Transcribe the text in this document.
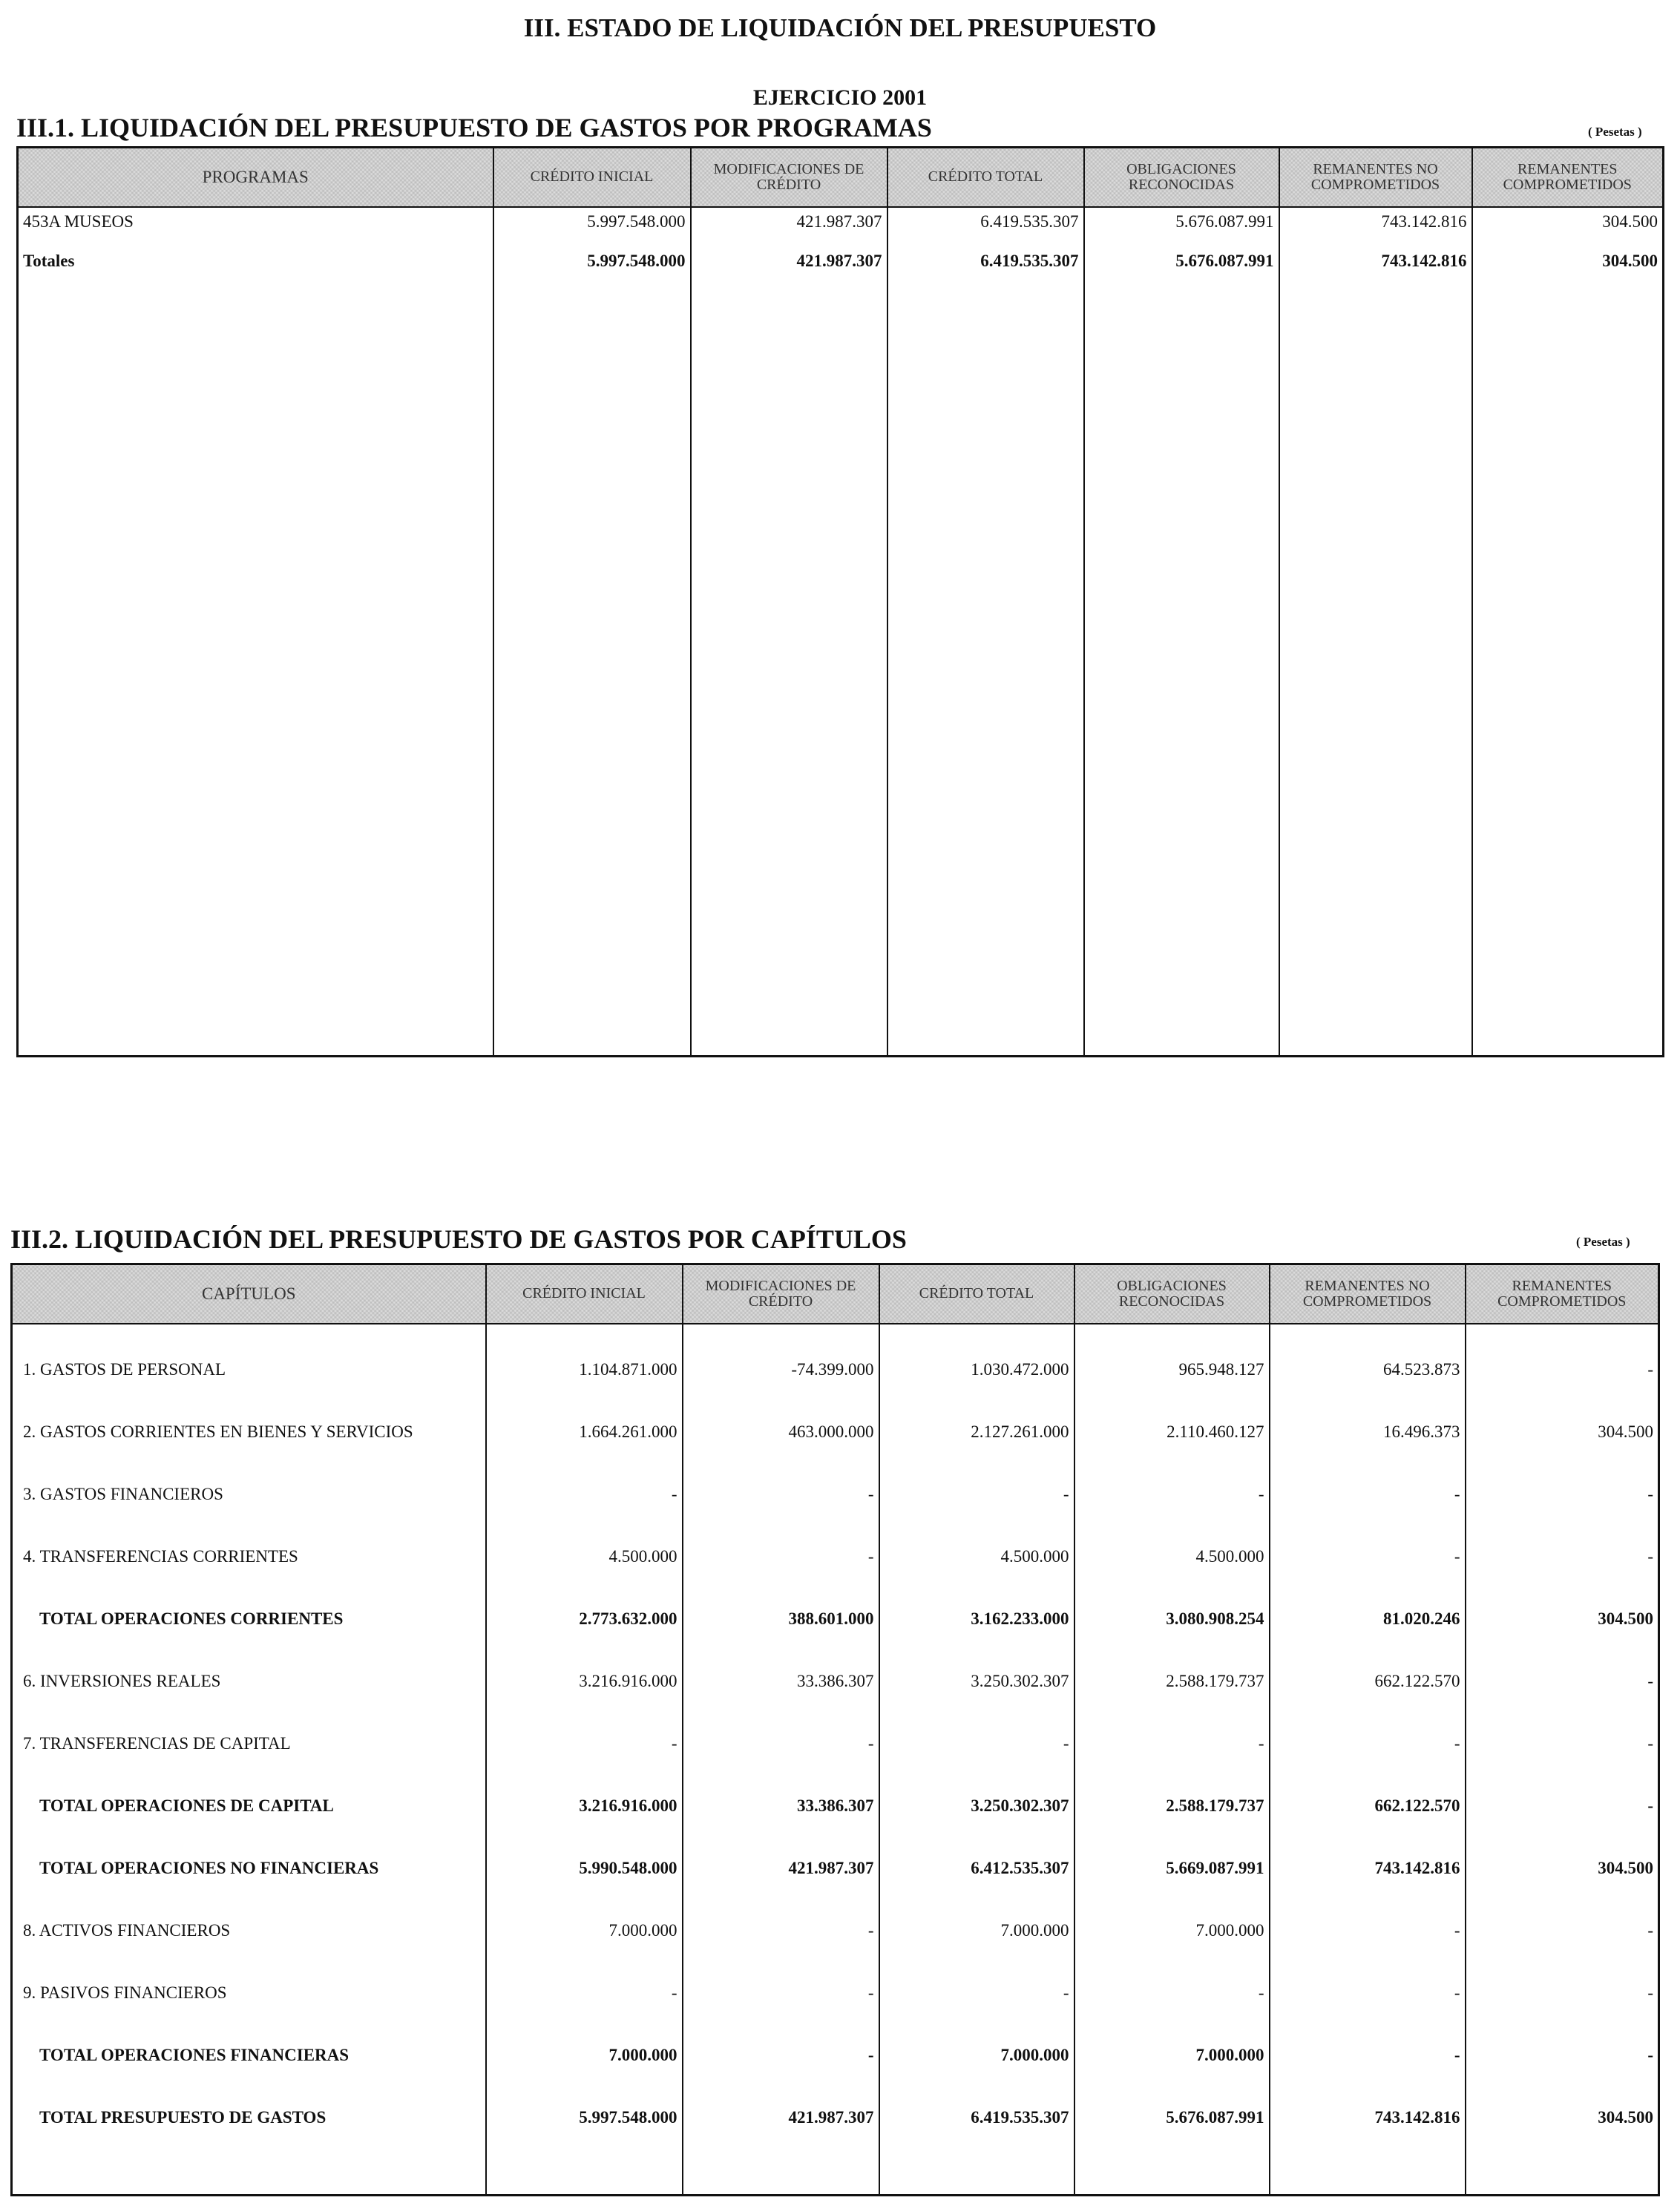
III. ESTADO DE LIQUIDACIÓN DEL PRESUPUESTO
EJERCICIO 2001
III.1. LIQUIDACIÓN DEL PRESUPUESTO DE GASTOS POR PROGRAMAS	( Pesetas )
PROGRAMAS	CRÉDITO INICIAL	MODIFICACIONES DE CRÉDITO	CRÉDITO TOTAL	OBLIGACIONES RECONOCIDAS	REMANENTES NO COMPROMETIDOS	REMANENTES COMPROMETIDOS
453A MUSEOS	5.997.548.000	421.987.307	6.419.535.307	5.676.087.991	743.142.816	304.500
Totales	5.997.548.000	421.987.307	6.419.535.307	5.676.087.991	743.142.816	304.500

III.2. LIQUIDACIÓN DEL PRESUPUESTO DE GASTOS POR CAPÍTULOS	( Pesetas )
CAPÍTULOS	CRÉDITO INICIAL	MODIFICACIONES DE CRÉDITO	CRÉDITO TOTAL	OBLIGACIONES RECONOCIDAS	REMANENTES NO COMPROMETIDOS	REMANENTES COMPROMETIDOS

1. GASTOS DE PERSONAL	1.104.871.000	-74.399.000	1.030.472.000	965.948.127	64.523.873	-
2. GASTOS CORRIENTES EN BIENES Y SERVICIOS	1.664.261.000	463.000.000	2.127.261.000	2.110.460.127	16.496.373	304.500
3. GASTOS FINANCIEROS	-	-	-	-	-	-
4. TRANSFERENCIAS CORRIENTES	4.500.000	-	4.500.000	4.500.000	-	-
TOTAL OPERACIONES CORRIENTES	2.773.632.000	388.601.000	3.162.233.000	3.080.908.254	81.020.246	304.500
6. INVERSIONES REALES	3.216.916.000	33.386.307	3.250.302.307	2.588.179.737	662.122.570	-
7. TRANSFERENCIAS DE CAPITAL	-	-	-	-	-	-
TOTAL OPERACIONES DE CAPITAL	3.216.916.000	33.386.307	3.250.302.307	2.588.179.737	662.122.570	-
TOTAL OPERACIONES NO FINANCIERAS	5.990.548.000	421.987.307	6.412.535.307	5.669.087.991	743.142.816	304.500
8. ACTIVOS FINANCIEROS	7.000.000	-	7.000.000	7.000.000	-	-
9. PASIVOS FINANCIEROS	-	-	-	-	-	-
TOTAL OPERACIONES FINANCIERAS	7.000.000	-	7.000.000	7.000.000	-	-
TOTAL PRESUPUESTO DE GASTOS	5.997.548.000	421.987.307	6.419.535.307	5.676.087.991	743.142.816	304.500
